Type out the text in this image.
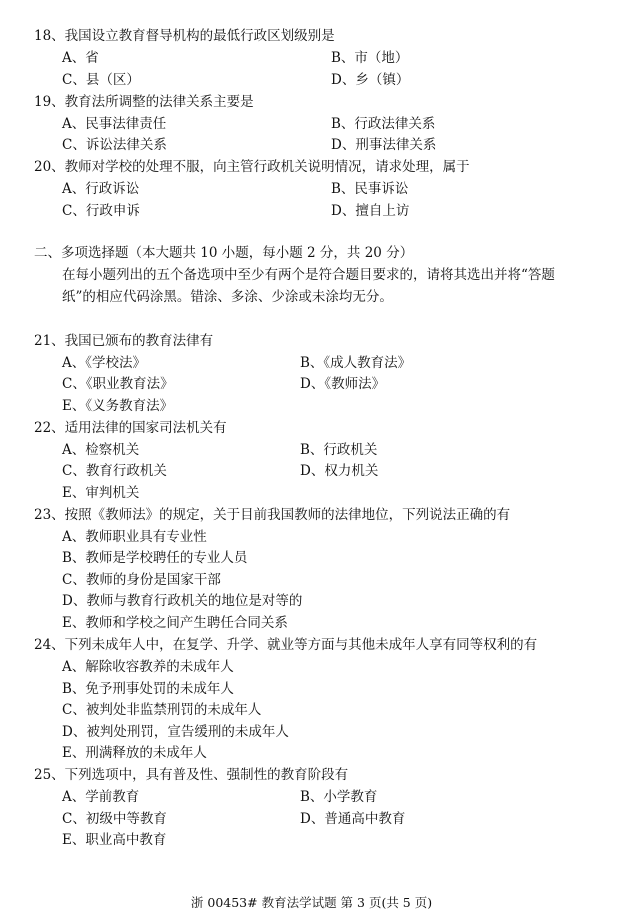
18、我国设立教育督导机构的最低行政区划级别是
A、省	B、市（地）
C、县（区）	D、乡（镇）
19、教育法所调整的法律关系主要是
A、民事法律责任	B、行政法律关系
C、诉讼法律关系	D、刑事法律关系
20、教师对学校的处理不服，向主管行政机关说明情况，请求处理，属于
A、行政诉讼	B、民事诉讼
C、行政申诉	D、擅自上访
二、多项选择题（本大题共 10 小题，每小题 2 分，共 20 分）
在每小题列出的五个备选项中至少有两个是符合题目要求的，请将其选出并将“答题
纸”的相应代码涂黑。错涂、多涂、少涂或未涂均无分。
21、我国已颁布的教育法律有
A、《学校法》	B、《成人教育法》
C、《职业教育法》	D、《教师法》
E、《义务教育法》
22、适用法律的国家司法机关有
A、检察机关	B、行政机关
C、教育行政机关	D、权力机关
E、审判机关
23、按照《教师法》的规定，关于目前我国教师的法律地位，下列说法正确的有
A、教师职业具有专业性
B、教师是学校聘任的专业人员
C、教师的身份是国家干部
D、教师与教育行政机关的地位是对等的
E、教师和学校之间产生聘任合同关系
24、下列未成年人中，在复学、升学、就业等方面与其他未成年人享有同等权利的有
A、解除收容教养的未成年人
B、免予刑事处罚的未成年人
C、被判处非监禁刑罚的未成年人
D、被判处刑罚，宣告缓刑的未成年人
E、刑满释放的未成年人
25、下列选项中，具有普及性、强制性的教育阶段有
A、学前教育	B、小学教育
C、初级中等教育	D、普通高中教育
E、职业高中教育
浙 00453# 教育法学试题 第 3 页(共 5 页)
